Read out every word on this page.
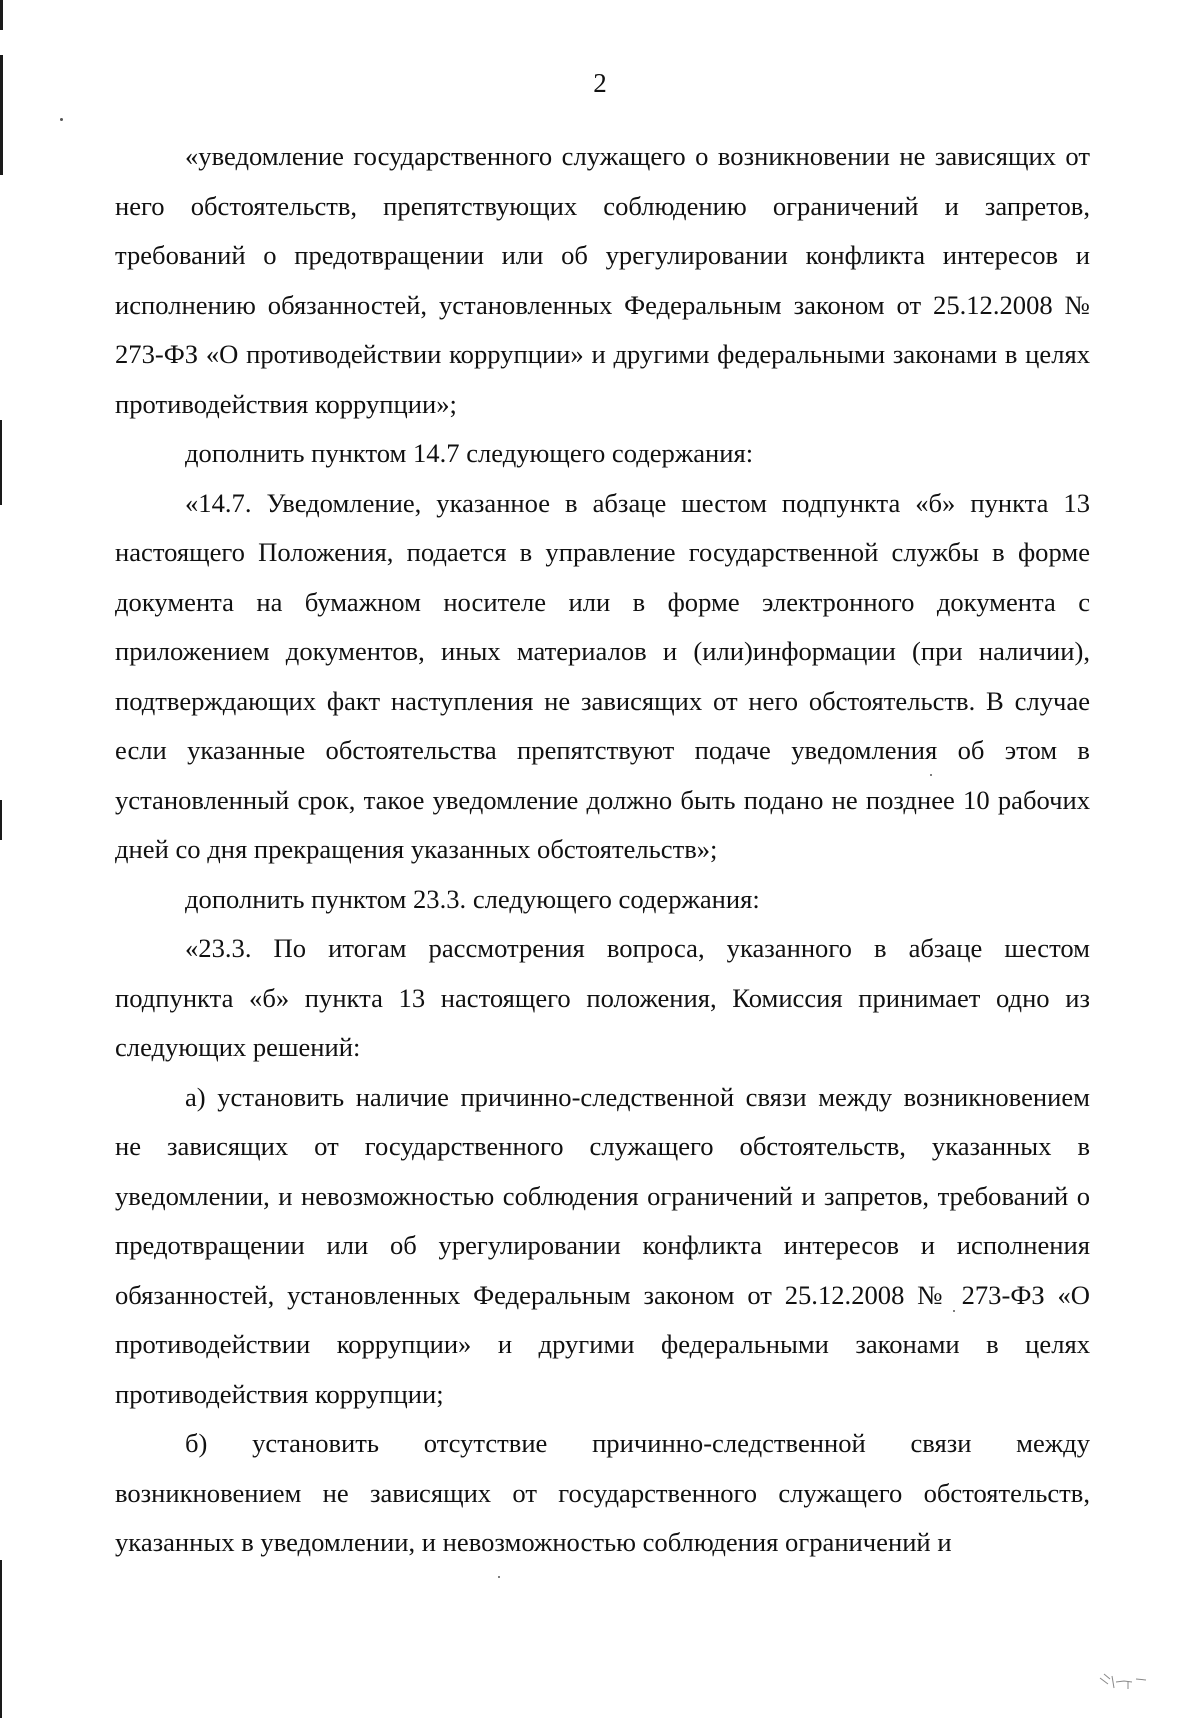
2

«уведомление государственного служащего о возникновении не зависящих от него обстоятельств, препятствующих соблюдению ограничений и запретов, требований о предотвращении или об урегулировании конфликта интересов и исполнению обязанностей, установленных Федеральным законом от 25.12.2008 № 273-ФЗ «О противодействии коррупции» и другими федеральными законами в целях противодействия коррупции»;

дополнить пунктом 14.7 следующего содержания:

«14.7. Уведомление, указанное в абзаце шестом подпункта «б» пункта 13 настоящего Положения, подается в управление государственной службы в форме документа на бумажном носителе или в форме электронного документа с приложением документов, иных материалов и (или)информации (при наличии), подтверждающих факт наступления не зависящих от него обстоятельств. В случае если указанные обстоятельства препятствуют подаче уведомления об этом в установленный срок, такое уведомление должно быть подано не позднее 10 рабочих дней со дня прекращения указанных обстоятельств»;

дополнить пунктом 23.3. следующего содержания:

«23.3. По итогам рассмотрения вопроса, указанного в абзаце шестом подпункта «б» пункта 13 настоящего положения, Комиссия принимает одно из следующих решений:

а) установить наличие причинно-следственной связи между возникновением не зависящих от государственного служащего обстоятельств, указанных в уведомлении, и невозможностью соблюдения ограничений и запретов, требований о предотвращении или об урегулировании конфликта интересов и исполнения обязанностей, установленных Федеральным законом от 25.12.2008 № 273-ФЗ «О противодействии коррупции» и другими федеральными законами в целях противодействия коррупции;

б) установить отсутствие причинно-следственной связи между возникновением не зависящих от государственного служащего обстоятельств, указанных в уведомлении, и невозможностью соблюдения ограничений и
